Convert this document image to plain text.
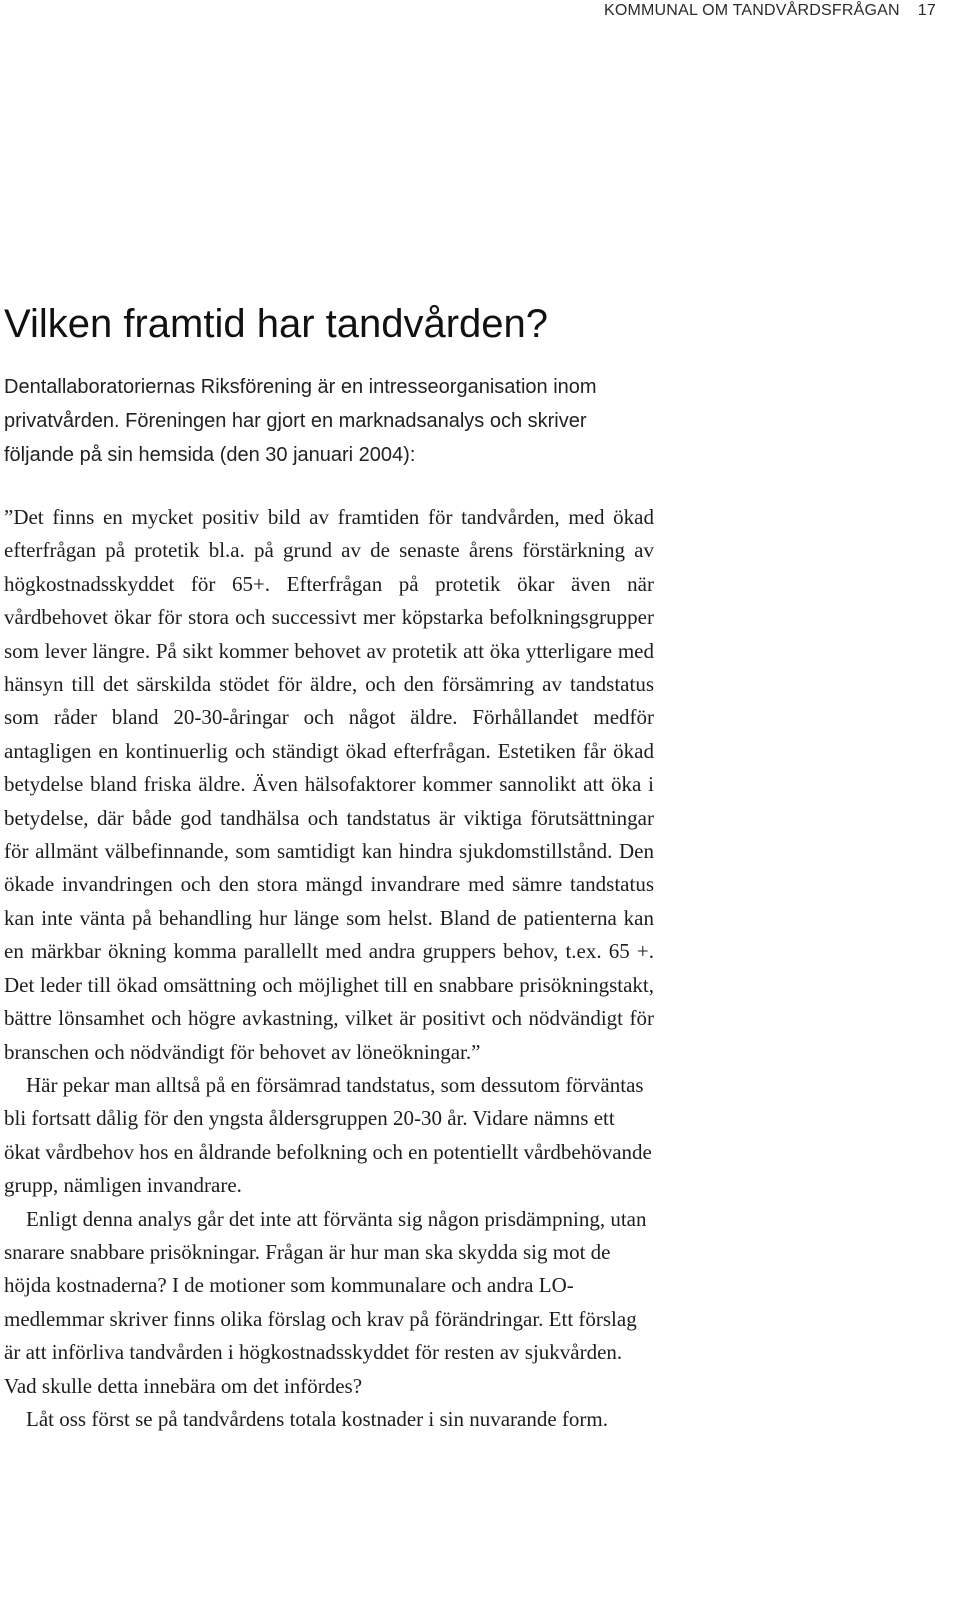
KOMMUNAL OM TANDVÅRDSFRÅGAN 17
Vilken framtid har tandvården?

Dentallaboratoriernas Riksförening är en intresseorganisation inom privatvården. Föreningen har gjort en marknadsanalys och skriver följande på sin hemsida (den 30 januari 2004):

”Det finns en mycket positiv bild av framtiden för tandvården, med ökad efterfrågan på protetik bl.a. på grund av de senaste årens förstärkning av högkostnadsskyddet för 65+. Efterfrågan på protetik ökar även när vårdbehovet ökar för stora och successivt mer köpstarka befolkningsgrupper som lever längre. På sikt kommer behovet av protetik att öka ytterligare med hänsyn till det särskilda stödet för äldre, och den försämring av tandstatus som råder bland 20-30-åringar och något äldre. Förhållandet medför antagligen en kontinuerlig och ständigt ökad efterfrågan. Estetiken får ökad betydelse bland friska äldre. Även hälsofaktorer kommer sannolikt att öka i betydelse, där både god tandhälsa och tandstatus är viktiga förutsättningar för allmänt välbefinnande, som samtidigt kan hindra sjukdomstillstånd. Den ökade invandringen och den stora mängd invandrare med sämre tandstatus kan inte vänta på behandling hur länge som helst. Bland de patienterna kan en märkbar ökning komma parallellt med andra gruppers behov, t.ex. 65 +. Det leder till ökad omsättning och möjlighet till en snabbare prisökningstakt, bättre lönsamhet och högre avkastning, vilket är positivt och nödvändigt för branschen och nödvändigt för behovet av löneökningar.”

Här pekar man alltså på en försämrad tandstatus, som dessutom förväntas bli fortsatt dålig för den yngsta åldersgruppen 20-30 år. Vidare nämns ett ökat vårdbehov hos en åldrande befolkning och en potentiellt vårdbehövande grupp, nämligen invandrare.

Enligt denna analys går det inte att förvänta sig någon prisdämpning, utan snarare snabbare prisökningar. Frågan är hur man ska skydda sig mot de höjda kostnaderna? I de motioner som kommunalare och andra LO-medlemmar skriver finns olika förslag och krav på förändringar. Ett förslag är att införliva tandvården i högkostnadsskyddet för resten av sjukvården. Vad skulle detta innebära om det infördes?

Låt oss först se på tandvårdens totala kostnader i sin nuvarande form.
